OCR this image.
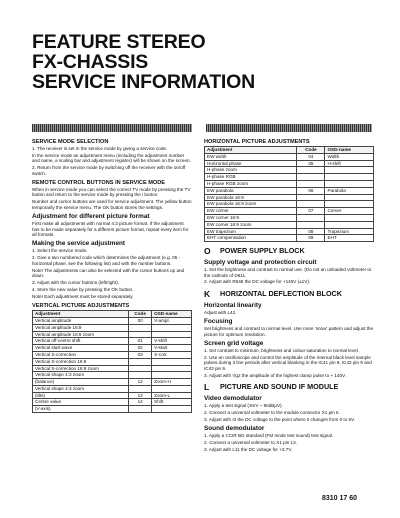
FEATURE STEREO
FX-CHASSIS
SERVICE INFORMATION
SERVICE MODE SELECTION

1. The receiver is set in the service mode by giving a service code.

In the service mode an adjustment menu (including the adjustment number and name, a scaling bar and adjustment register) will be shown on the screen.

2. Return from the service mode by switching off the receiver with the on/off switch.

REMOTE CONTROL BUTTONS IN SERVICE MODE

When in service mode you can select the correct TV mode by pressing the TV button and return to the service mode by pressing the i button.

Number and cursor buttons are used for service adjustment. The yellow button temporarily the service menu. The OK button stores the settings.

Adjustment for different picture format

First make all adjustments with normal 4:3 picture format. If the adjustment has to be made separately for a different picture format, repeat every item for all formats.

Making the service adjustment

1. Select the service mode.

2. Give a two numbered code which determines the adjustment (e.g. 05 - horizontal phase, see the following list) and with the number buttons.

Note! The adjustments can also be selected with the cursor buttons up and down.

3. Adjust with the cursor buttons (left/right).

4. Store the new value by pressing the OK button.

Note! Each adjustment must be stored separately.

VERTICAL PICTURE ADJUSTMENTS
Adjustment	Code	OSD-name
Vertical amplitude	00	V-ampl.
Vertical amplitude 16:9		
Vertical amplitude 16:9 zoom		
Vertical off-centre shift	01	V-shift
Vertical start wave	02	V-start
Vertical S-correction	03	S-corr.
Vertical S-correction 16:9		
Vertical S-correction 16:9 zoom		
Vertical shape 4:3 zoom		
(balance)	12	Zoom-H
Vertical shape 4:3 zoom		
(tilts)	13	Zoom-L
Centre value	14	Shift
(V-axis)		
HORIZONTAL PICTURE ADJUSTMENTS
Adjustment	Code	OSD-name
EW width	04	Width
Horizontal phase	05	H-shift
H-phase zoom		
H-phase RGB		
H-phase RGB zoom		
EW parabola	06	Parabola
EW parabola 16:9		
EW parabola 16:9 zoom		
EW corner	07	Corner
EW corner 16:9		
EW corner 16:9 zoom		
EW trapezium	08	Trapezium
EHT compensation	09	EHT
O	POWER SUPPLY BLOCK
Supply voltage and protection circuit

1. Set the brightness and contrast to normal use. (Do not an unloaded voltmeter to the cathode of D611.

2. Adjust with R648 the DC voltage for +145V (±1V).

K	HORIZONTAL DEFLECTION BLOCK
Horizontal linearity

Adjust with L42.

Focusing

Set brightness and contrast to normal level. Use more 'snow' pattern and adjust the picture for optimum resolution.

Screen grid voltage

1. Set contrast to minimum, brightness and colour saturation to normal level.

2. Use an oscilloscope and control the amplitude of the internal black level sample pulses during 3 line periods after vertical blanking in the IC41 pin 9, IC42 pin 9 and IC43 pin 9.

3. Adjust with Vg2 the amplitude of the highest clamp pulse to + 140V.

L	PICTURE AND SOUND IF MODULE
Video demodulator

1. Apply a test signal (3mV ~ 80dBμV).

2. Connect a universal voltmeter to the module connector X1 pin 6.

3. Adjust with I3 the DC voltage to the point where it changes from 0 to 5V.

Sound demodulator

1. Apply a CCIR BG standard (FM mode test sound) test signal.

2. Connect a universal voltmeter to X1 pin 13.

3. Adjust with L11 the DC voltage for +3.7V.

8310 17 60
